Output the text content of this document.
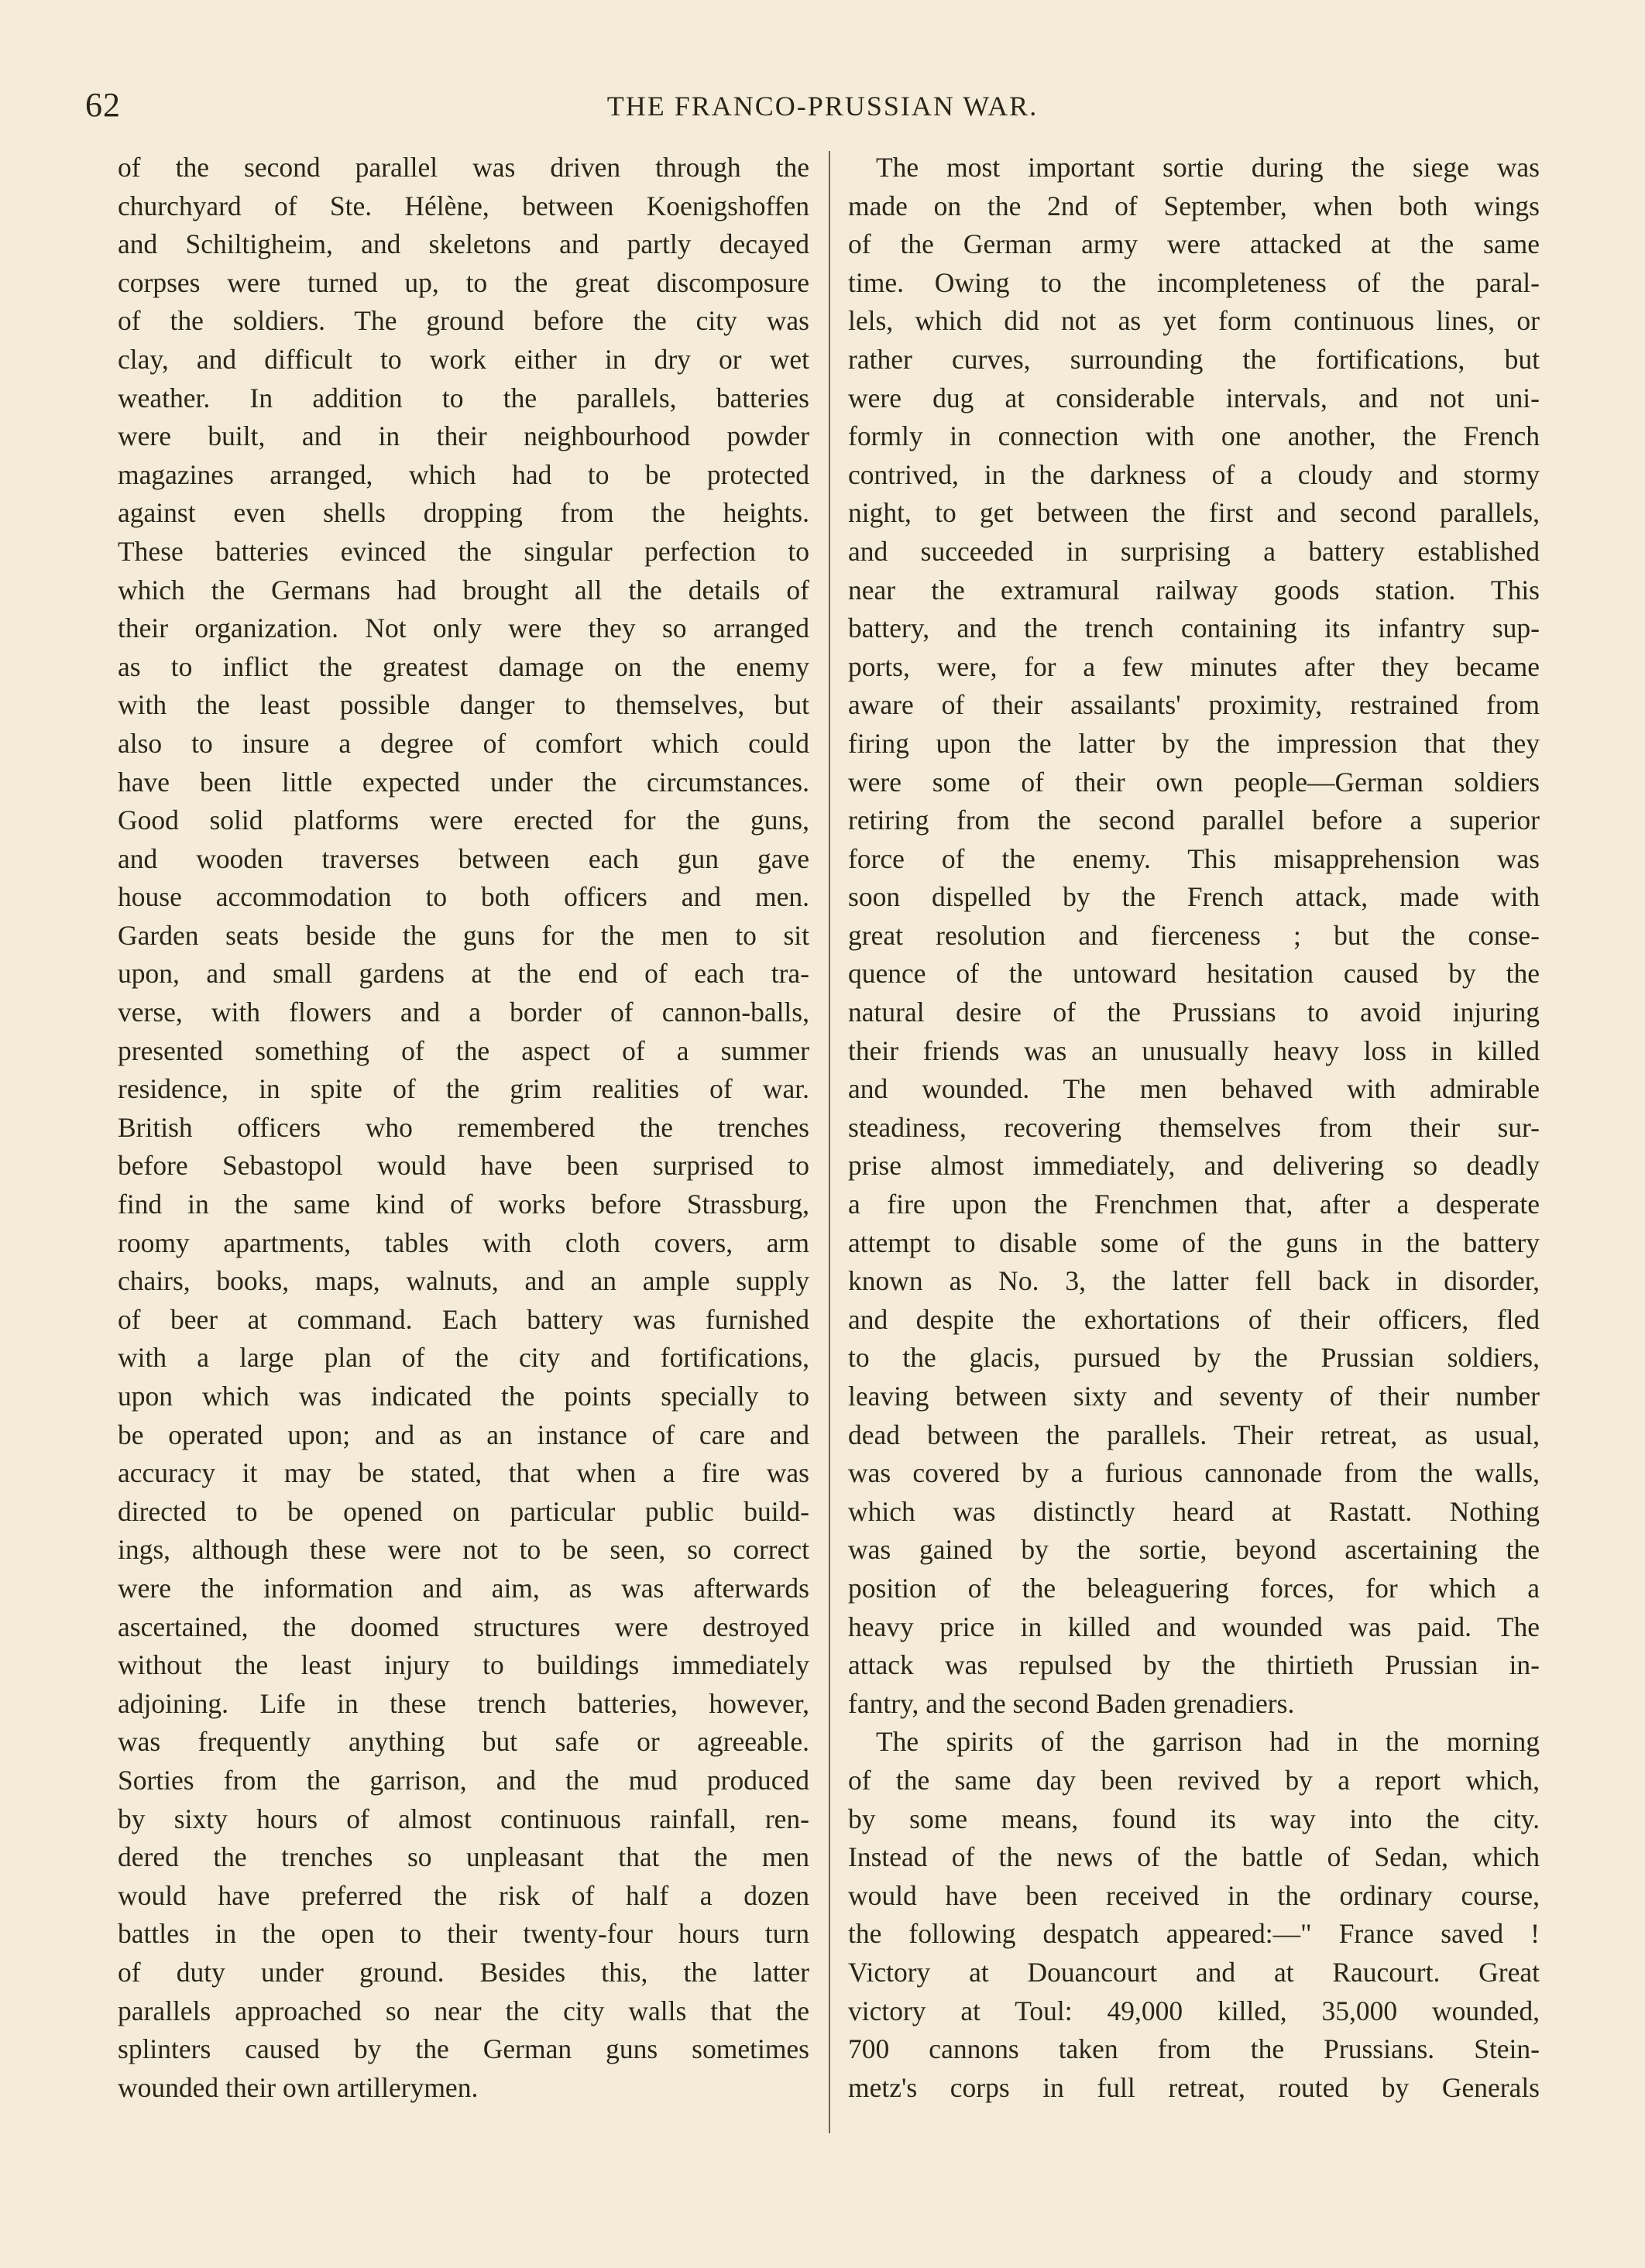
62	THE FRANCO-PRUSSIAN WAR.
of the second parallel was driven through the
churchyard of Ste. Hélène, between Koenigshoffen
and Schiltigheim, and skeletons and partly decayed
corpses were turned up, to the great discomposure
of the soldiers. The ground before the city was
clay, and difficult to work either in dry or wet
weather. In addition to the parallels, batteries
were built, and in their neighbourhood powder
magazines arranged, which had to be protected
against even shells dropping from the heights.
These batteries evinced the singular perfection to
which the Germans had brought all the details of
their organization. Not only were they so arranged
as to inflict the greatest damage on the enemy
with the least possible danger to themselves, but
also to insure a degree of comfort which could
have been little expected under the circumstances.
Good solid platforms were erected for the guns,
and wooden traverses between each gun gave
house accommodation to both officers and men.
Garden seats beside the guns for the men to sit
upon, and small gardens at the end of each tra-
verse, with flowers and a border of cannon-balls,
presented something of the aspect of a summer
residence, in spite of the grim realities of war.
British officers who remembered the trenches
before Sebastopol would have been surprised to
find in the same kind of works before Strassburg,
roomy apartments, tables with cloth covers, arm
chairs, books, maps, walnuts, and an ample supply
of beer at command. Each battery was furnished
with a large plan of the city and fortifications,
upon which was indicated the points specially to
be operated upon; and as an instance of care and
accuracy it may be stated, that when a fire was
directed to be opened on particular public build-
ings, although these were not to be seen, so correct
were the information and aim, as was afterwards
ascertained, the doomed structures were destroyed
without the least injury to buildings immediately
adjoining. Life in these trench batteries, however,
was frequently anything but safe or agreeable.
Sorties from the garrison, and the mud produced
by sixty hours of almost continuous rainfall, ren-
dered the trenches so unpleasant that the men
would have preferred the risk of half a dozen
battles in the open to their twenty-four hours turn
of duty under ground. Besides this, the latter
parallels approached so near the city walls that the
splinters caused by the German guns sometimes
wounded their own artillerymen.
The most important sortie during the siege was
made on the 2nd of September, when both wings
of the German army were attacked at the same
time. Owing to the incompleteness of the paral-
lels, which did not as yet form continuous lines, or
rather curves, surrounding the fortifications, but
were dug at considerable intervals, and not uni-
formly in connection with one another, the French
contrived, in the darkness of a cloudy and stormy
night, to get between the first and second parallels,
and succeeded in surprising a battery established
near the extramural railway goods station. This
battery, and the trench containing its infantry sup-
ports, were, for a few minutes after they became
aware of their assailants' proximity, restrained from
firing upon the latter by the impression that they
were some of their own people—German soldiers
retiring from the second parallel before a superior
force of the enemy. This misapprehension was
soon dispelled by the French attack, made with
great resolution and fierceness ; but the conse-
quence of the untoward hesitation caused by the
natural desire of the Prussians to avoid injuring
their friends was an unusually heavy loss in killed
and wounded. The men behaved with admirable
steadiness, recovering themselves from their sur-
prise almost immediately, and delivering so deadly
a fire upon the Frenchmen that, after a desperate
attempt to disable some of the guns in the battery
known as No. 3, the latter fell back in disorder,
and despite the exhortations of their officers, fled
to the glacis, pursued by the Prussian soldiers,
leaving between sixty and seventy of their number
dead between the parallels. Their retreat, as usual,
was covered by a furious cannonade from the walls,
which was distinctly heard at Rastatt. Nothing
was gained by the sortie, beyond ascertaining the
position of the beleaguering forces, for which a
heavy price in killed and wounded was paid. The
attack was repulsed by the thirtieth Prussian in-
fantry, and the second Baden grenadiers.
The spirits of the garrison had in the morning
of the same day been revived by a report which,
by some means, found its way into the city.
Instead of the news of the battle of Sedan, which
would have been received in the ordinary course,
the following despatch appeared:—" France saved !
Victory at Douancourt and at Raucourt. Great
victory at Toul: 49,000 killed, 35,000 wounded,
700 cannons taken from the Prussians. Stein-
metz's corps in full retreat, routed by Generals
